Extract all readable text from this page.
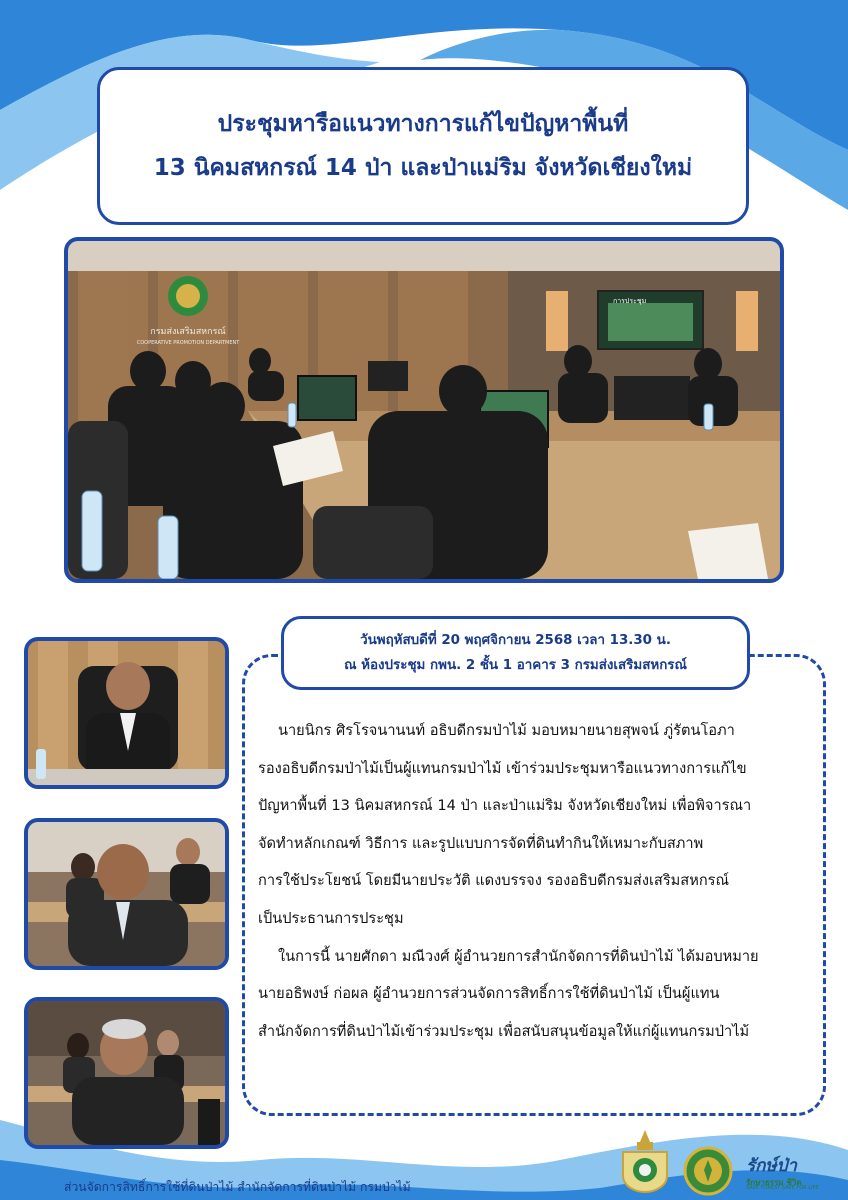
ประชุมหารือแนวทางการแก้ไขปัญหาพื้นที่
13 นิคมสหกรณ์ 14 ป่า และป่าแม่ริม จังหวัดเชียงใหม่
กรมส่งเสริมสหกรณ์
COOPERATIVE PROMOTION DEPARTMENT
การประชุม
วันพฤหัสบดีที่ 20 พฤศจิกายน 2568 เวลา 13.30 น.
ณ ห้องประชุม กพน. 2 ชั้น 1 อาคาร 3 กรมส่งเสริมสหกรณ์

นายนิกร ศิรโรจนานนท์ อธิบดีกรมป่าไม้ มอบหมายนายสุพจน์ ภู่รัตนโอภา

รองอธิบดีกรมป่าไม้เป็นผู้แทนกรมป่าไม้ เข้าร่วมประชุมหารือแนวทางการแก้ไข

ปัญหาพื้นที่ 13 นิคมสหกรณ์ 14 ป่า และป่าแม่ริม จังหวัดเชียงใหม่ เพื่อพิจารณา

จัดทำหลักเกณฑ์ วิธีการ และรูปแบบการจัดที่ดินทำกินให้เหมาะกับสภาพ

การใช้ประโยชน์ โดยมีนายประวัติ แดงบรรจง รองอธิบดีกรมส่งเสริมสหกรณ์

เป็นประธานการประชุม

ในการนี้ นายศักดา มณีวงศ์ ผู้อำนวยการสำนักจัดการที่ดินป่าไม้ ได้มอบหมาย

นายอธิพงษ์ ก่อผล ผู้อำนวยการส่วนจัดการสิทธิ์การใช้ที่ดินป่าไม้ เป็นผู้แทน

สำนักจัดการที่ดินป่าไม้เข้าร่วมประชุม เพื่อสนับสนุนข้อมูลให้แก่ผู้แทนกรมป่าไม้

ส่วนจัดการสิทธิ์การใช้ที่ดินป่าไม้ สำนักจัดการที่ดินป่าไม้ กรมป่าไม้
รักษ์ป่า
รักษาธรรม ชีวิต
SAVE FOREST SAVE FOR LIFE
